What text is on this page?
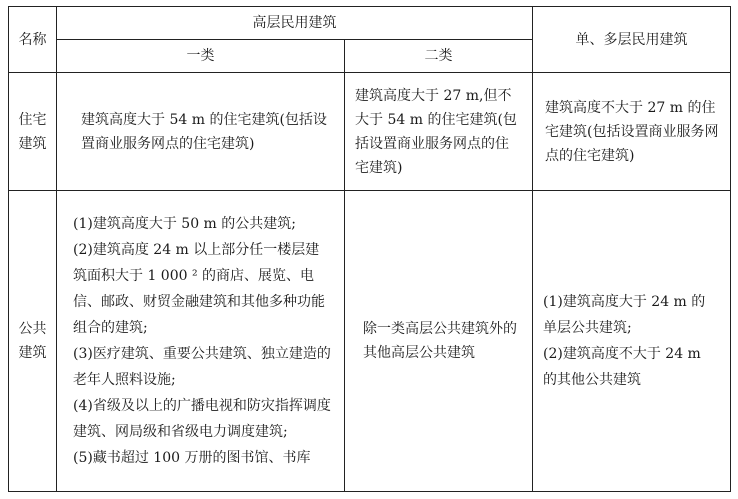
名称	高层民用建筑		单、多层民用建筑

	一类	二类	

住宅
建筑	建筑高度大于 54 m 的住宅建筑(包括设置商业服务网点的住宅建筑)	建筑高度大于 27 m,但不大于 54 m 的住宅建筑(包括设置商业服务网点的住宅建筑)	建筑高度不大于 27 m 的住宅建筑(包括设置商业服务网点的住宅建筑)

公共
建筑	(1)建筑高度大于 50 m 的公共建筑;
(2)建筑高度 24 m 以上部分任一楼层建筑面积大于 1 000 ² 的商店、展览、电信、邮政、财贸金融建筑和其他多种功能组合的建筑;
(3)医疗建筑、重要公共建筑、独立建造的老年人照料设施;
(4)省级及以上的广播电视和防灾指挥调度建筑、网局级和省级电力调度建筑;
(5)藏书超过 100 万册的图书馆、书库	除一类高层公共建筑外的其他高层公共建筑	(1)建筑高度大于 24 m 的单层公共建筑;
(2)建筑高度不大于 24 m 的其他公共建筑
